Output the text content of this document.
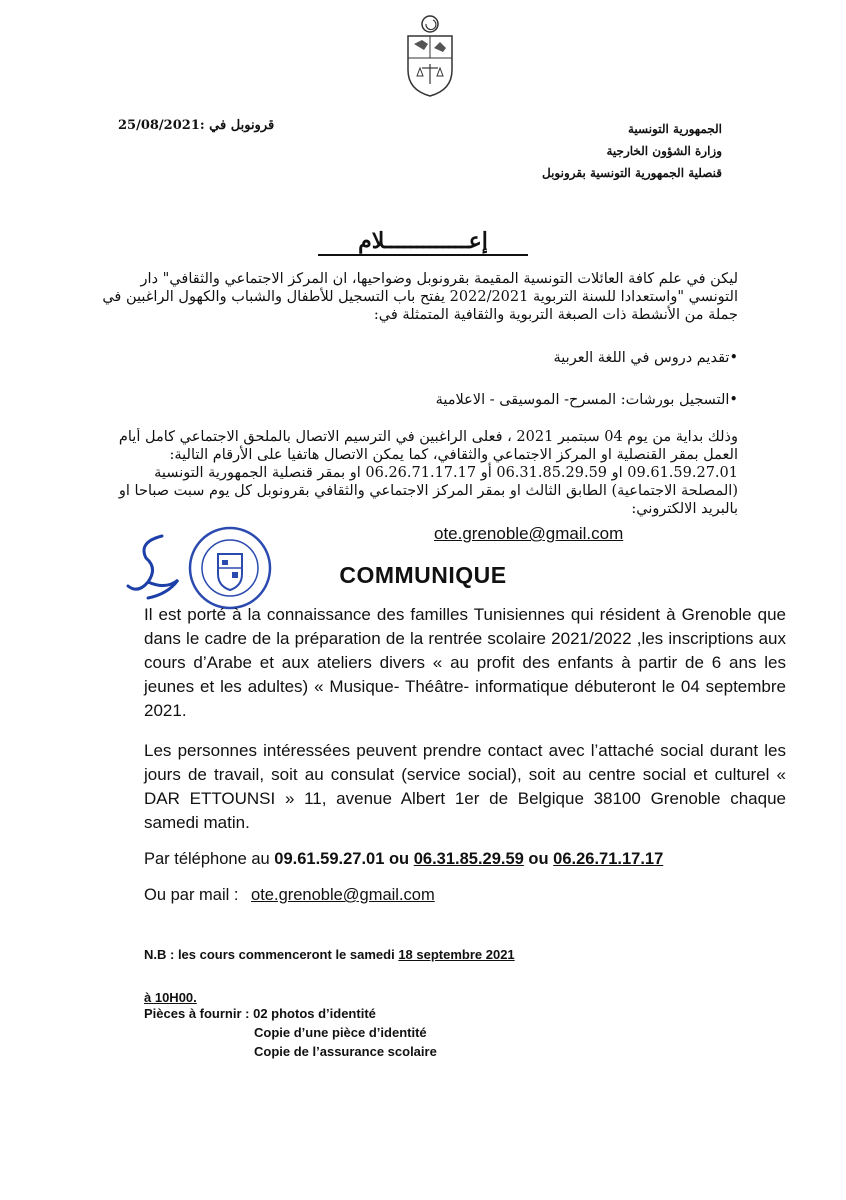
الجمهورية التونسية
وزارة الشؤون الخارجية
قنصلية الجمهورية التونسية بقرونوبل
قرونوبل في :25/08/2021
إعـــــــــــــلام
ليكن في علم كافة العائلات التونسية المقيمة بقرونوبل وضواحيها، ان المركز الاجتماعي والثقافي" دار التونسي "واستعدادا للسنة التربوية 2022/2021 يفتح باب التسجيل للأطفال والشباب والكهول الراغبين في جملة من الأنشطة ذات الصبغة التربوية والثقافية المتمثلة في:
•تقديم دروس في اللغة العربية
•التسجيل بورشات: المسرح- الموسيقى - الاعلامية
وذلك بداية من يوم 04 سبتمبر 2021 ، فعلى الراغبين في الترسيم الاتصال بالملحق الاجتماعي كامل أيام العمل بمقر القنصلية او المركز الاجتماعي والثقافي، كما يمكن الاتصال هاتفيا على الأرقام التالية: 09.61.59.27.01 او 06.31.85.29.59 أو 06.26.71.17.17 او بمقر قنصلية الجمهورية التونسية (المصلحة الاجتماعية) الطابق الثالث او بمقر المركز الاجتماعي والثقافي بقرونوبل كل يوم سبت صباحا او بالبريد الالكتروني:
ote.grenoble@gmail.com
COMMUNIQUE
Il est porté à la connaissance des familles Tunisiennes qui résident à Grenoble que dans le cadre de la préparation de la rentrée scolaire 2021/2022 ,les inscriptions aux cours d’Arabe et aux ateliers divers « au profit des enfants à partir de 6 ans les jeunes et les adultes) « Musique- Théâtre- informatique débuteront le 04 septembre 2021.
Les personnes intéressées peuvent prendre contact avec l’attaché social durant les jours de travail, soit au consulat (service social), soit au centre social et culturel « DAR ETTOUNSI » 11, avenue Albert 1er de Belgique 38100 Grenoble chaque samedi matin.
Par téléphone au 09.61.59.27.01 ou 06.31.85.29.59 ou 06.26.71.17.17
Ou par mail : ote.grenoble@gmail.com
N.B : les cours commenceront le samedi 18 septembre 2021
à 10H00.
Pièces à fournir : 02 photos d’identité
Copie d’une pièce d’identité
Copie de l’assurance scolaire
